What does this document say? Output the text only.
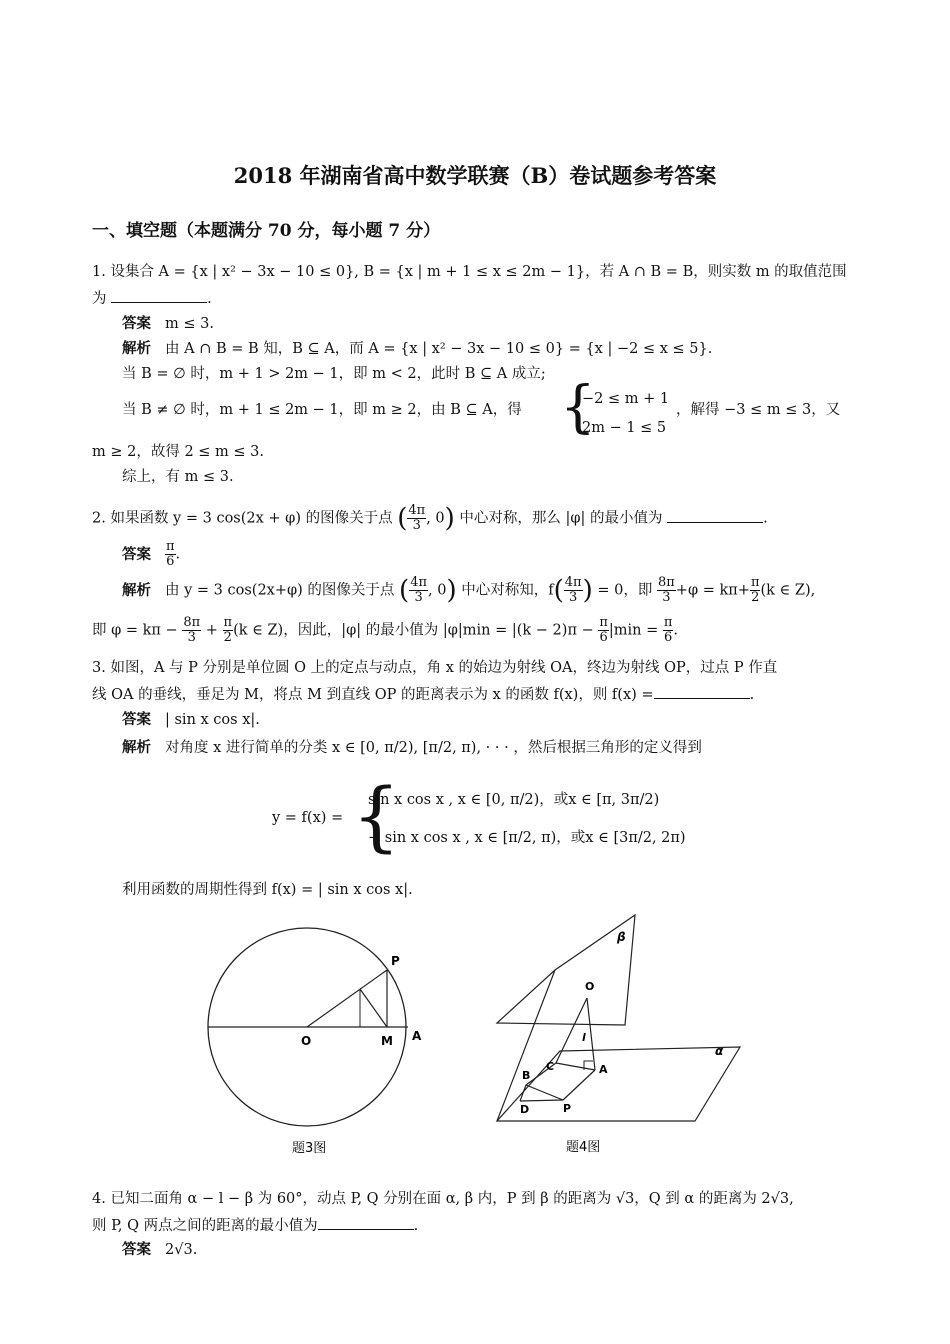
2018 年湖南省高中数学联赛（B）卷试题参考答案
一、填空题（本题满分 70 分，每小题 7 分）
1. 设集合 A = {x | x² − 3x − 10 ≤ 0}, B = {x | m + 1 ≤ x ≤ 2m − 1}，若 A ∩ B = B，则实数 m 的取值范围
为	.
答案 m ≤ 3.
解析 由 A ∩ B = B 知，B ⊆ A，而 A = {x | x² − 3x − 10 ≤ 0} = {x | −2 ≤ x ≤ 5}.
当 B = ∅ 时，m + 1 > 2m − 1，即 m < 2，此时 B ⊆ A 成立;
当 B ≠ ∅ 时，m + 1 ≤ 2m − 1，即 m ≥ 2，由 B ⊆ A，得 {
−2 ≤ m + 1
2m − 1 ≤ 5
，解得 −3 ≤ m ≤ 3，又
m ≥ 2，故得 2 ≤ m ≤ 3.
综上，有 m ≤ 3.
2. 如果函数 y = 3 cos(2x + φ) 的图像关于点 ( $\frac{4\pi}{3}$ , 0) 中心对称，那么 |φ| 的最小值为	.
答案 $\frac{\pi}{6}$ .
解析 由 y = 3 cos(2x+φ) 的图像关于点 ( $\frac{4\pi}{3}$ , 0) 中心对称知，$f( \frac{4\pi}{3}$ ) = 0，即 $\frac{8\pi}{3} +\varphi = k\pi+ \frac{\pi}{2} (k$ ∈ Z),
即 $\varphi = k\pi - \frac{8\pi}{3} + \frac{\pi}{2} (k$ ∈ Z)，因此，|φ| 的最小值为 $|\varphi|\min = |(k - 2)\pi - \frac{\pi}{6} |\min = \frac{\pi}{6}$ .
3. 如图，A 与 P 分别是单位圆 O 上的定点与动点，角 x 的始边为射线 OA，终边为射线 OP，过点 P 作直
线 OA 的垂线，垂足为 M，将点 M 到直线 OP 的距离表示为 x 的函数 f(x)，则 f(x) =	.
答案 | sin x cos x|.
解析 对角度 x 进行简单的分类 x ∈ [0, π/2), [π/2, π), · · · ，然后根据三角形的定义得到
y = f(x) = {
sin x cos x , x ∈ [0, π/2)，或x ∈ [π, 3π/2)
− sin x cos x , x ∈ [π/2, π)，或x ∈ [3π/2, 2π)
利用函数的周期性得到 f(x) = | sin x cos x|.
P
O	M A
题3图
β
α
O
l
C	A
B
D	P
题4图
4. 已知二面角 α − l − β 为 60°，动点 P, Q 分别在面 α, β 内，P 到 β 的距离为 √3，Q 到 α 的距离为 2√3,
则 P, Q 两点之间的距离的最小值为	.
答案 2√3.
